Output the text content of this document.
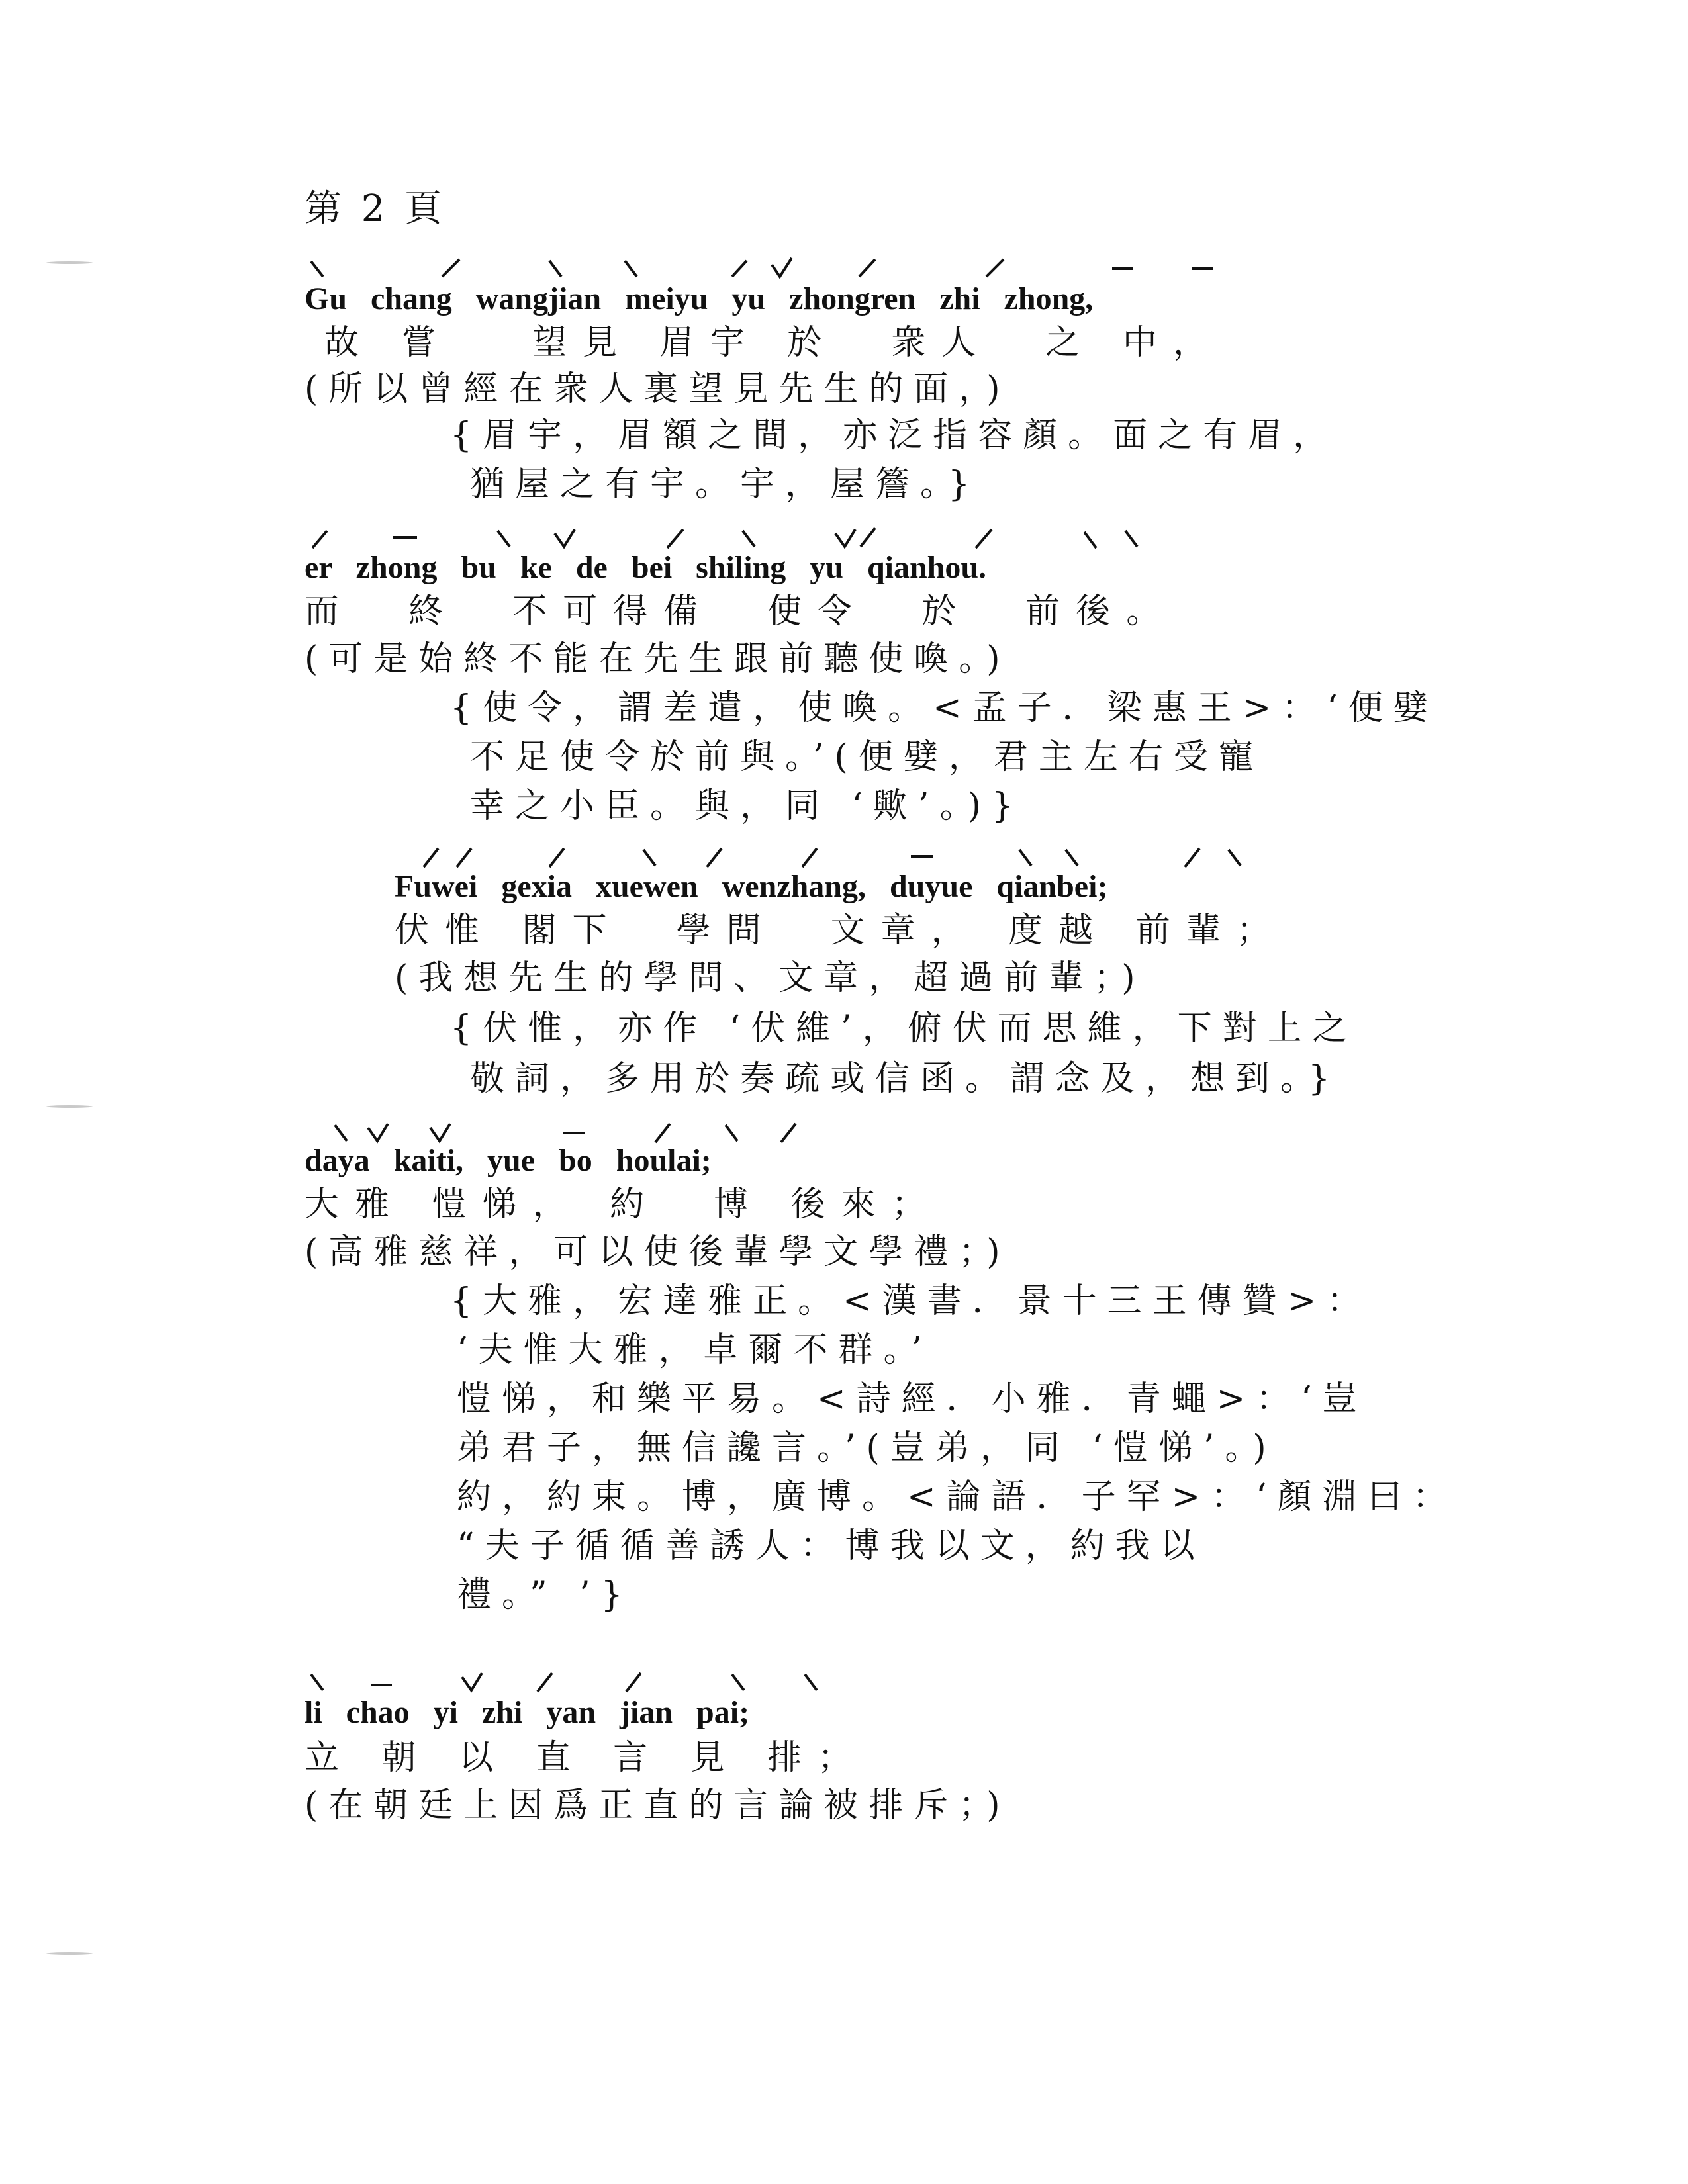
第 2 頁
Gu   chang   wangjian   meiyu   yu   zhongren   zhi   zhong,
故 嘗   望見 眉宇 於  衆人  之 中，
(所以曾經在衆人裏望見先生的面，)
{眉宇，眉額之間，亦泛指容顏。面之有眉，
猶屋之有宇。宇，屋簷。}
er   zhong   bu   ke   de   bei   shiling   yu   qianhou.
而  終  不可得備  使令  於  前後。
(可是始終不能在先生跟前聽使喚。)
{使令，謂差遣，使喚。<孟子．梁惠王>：‘便嬖
不足使令於前與。’(便嬖，君主左右受寵
幸之小臣。與，同 ‘歟’。)}
Fuwei   gexia   xuewen   wenzhang,   duyue   qianbei;
伏惟 閣下  學問  文章， 度越 前輩；
(我想先生的學問、文章，超過前輩；)
{伏惟，亦作 ‘伏維’，俯伏而思維，下對上之
敬詞，多用於奏疏或信函。謂念及，想到。}
daya   kaiti,   yue   bo   houlai;
大雅 愷悌， 約  博 後來；
(高雅慈祥，可以使後輩學文學禮；)
{大雅，宏達雅正。<漢書．景十三王傳贊>：
‘夫惟大雅，卓爾不群。’
愷悌，和樂平易。<詩經．小雅．青蠅>：‘豈
弟君子，無信讒言。’(豈弟，同 ‘愷悌’。)
約，約束。博，廣博。<論語．子罕>：‘顏淵曰：
“夫子循循善誘人：博我以文，約我以
禮。” ’}
li   chao   yi   zhi   yan   jian   pai;
立 朝 以 直 言 見 排；
(在朝廷上因爲正直的言論被排斥；)
